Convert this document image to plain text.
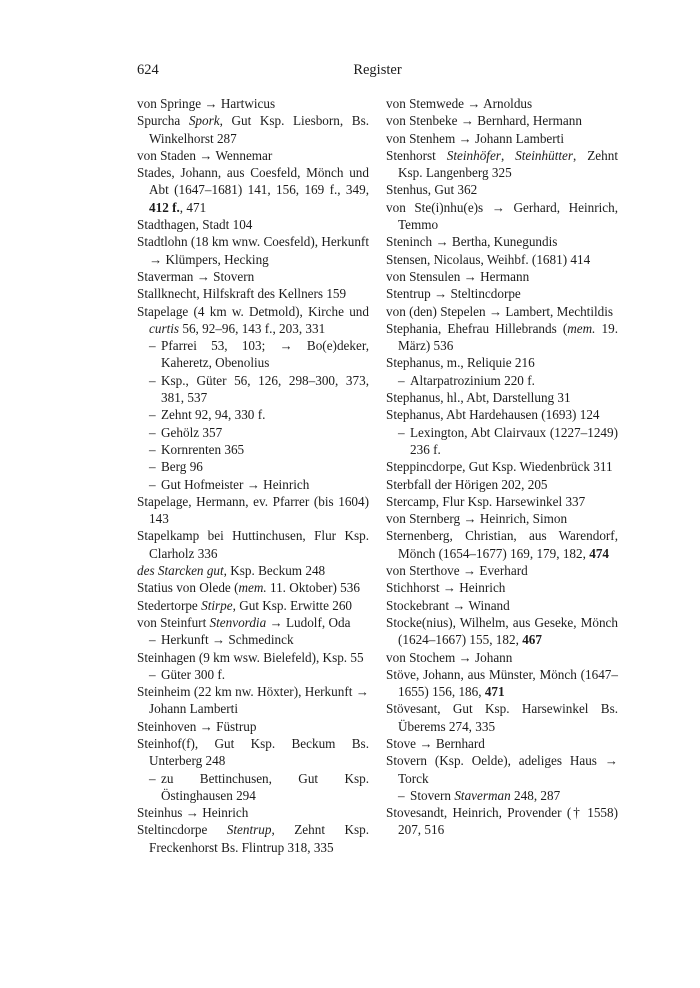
624	Register
von Springe → Hartwicus
Spurcha Spork, Gut Ksp. Liesborn, Bs. Winkelhorst 287
von Staden → Wennemar
Stades, Johann, aus Coesfeld, Mönch und Abt (1647–1681) 141, 156, 169 f., 349, 412 f., 471
Stadthagen, Stadt 104
Stadtlohn (18 km wnw. Coesfeld), Herkunft → Klümpers, Hecking
Staverman → Stovern
Stallknecht, Hilfskraft des Kellners 159
Stapelage (4 km w. Detmold), Kirche und curtis 56, 92–96, 143 f., 203, 331
– Pfarrei 53, 103; → Bo(e)deker, Kaheretz, Obenolius
– Ksp., Güter 56, 126, 298–300, 373, 381, 537
– Zehnt 92, 94, 330 f.
– Gehölz 357
– Kornrenten 365
– Berg 96
– Gut Hofmeister → Heinrich
Stapelage, Hermann, ev. Pfarrer (bis 1604) 143
Stapelkamp bei Huttinchusen, Flur Ksp. Clarholz 336
des Starcken gut, Ksp. Beckum 248
Statius von Olede (mem. 11. Oktober) 536
Stedertorpe Stirpe, Gut Ksp. Erwitte 260
von Steinfurt Stenvordia → Ludolf, Oda
– Herkunft → Schmedinck
Steinhagen (9 km wsw. Bielefeld), Ksp. 55
– Güter 300 f.
Steinheim (22 km nw. Höxter), Herkunft → Johann Lamberti
Steinhoven → Füstrup
Steinhof(f), Gut Ksp. Beckum Bs. Unterberg 248
– zu Bettinchusen, Gut Ksp. Östinghausen 294
Steinhus → Heinrich
Steltincdorpe Stentrup, Zehnt Ksp. Freckenhorst Bs. Flintrup 318, 335
von Stemwede → Arnoldus
von Stenbeke → Bernhard, Hermann
von Stenhem → Johann Lamberti
Stenhorst Steinhöfer, Steinhütter, Zehnt Ksp. Langenberg 325
Stenhus, Gut 362
von Ste(i)nhu(e)s → Gerhard, Heinrich, Temmo
Steninch → Bertha, Kunegundis
Stensen, Nicolaus, Weihbf. (1681) 414
von Stensulen → Hermann
Stentrup → Steltincdorpe
von (den) Stepelen → Lambert, Mechtildis
Stephania, Ehefrau Hillebrands (mem. 19. März) 536
Stephanus, m., Reliquie 216
– Altarpatrozinium 220 f.
Stephanus, hl., Abt, Darstellung 31
Stephanus, Abt Hardehausen (1693) 124
– Lexington, Abt Clairvaux (1227–1249) 236 f.
Steppincdorpe, Gut Ksp. Wiedenbrück 311
Sterbfall der Hörigen 202, 205
Stercamp, Flur Ksp. Harsewinkel 337
von Sternberg → Heinrich, Simon
Sternenberg, Christian, aus Warendorf, Mönch (1654–1677) 169, 179, 182, 474
von Sterthove → Everhard
Stichhorst → Heinrich
Stockebrant → Winand
Stocke(nius), Wilhelm, aus Geseke, Mönch (1624–1667) 155, 182, 467
von Stochem → Johann
Stöve, Johann, aus Münster, Mönch (1647–1655) 156, 186, 471
Stövesant, Gut Ksp. Harsewinkel Bs. Überems 274, 335
Stove → Bernhard
Stovern (Ksp. Oelde), adeliges Haus → Torck
– Stovern Staverman 248, 287
Stovesandt, Heinrich, Provender († 1558) 207, 516
